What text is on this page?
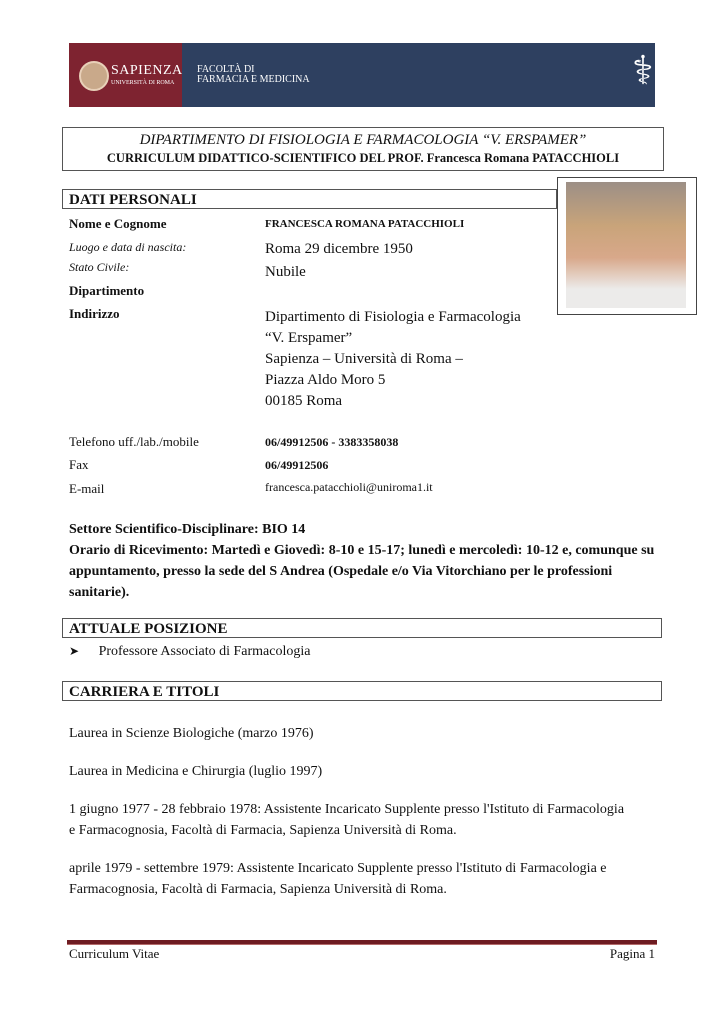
SAPIENZA
UNIVERSITÀ DI ROMA
FACOLTÀ DI
FARMACIA E MEDICINA	⚕
DIPARTIMENTO DI FISIOLOGIA E FARMACOLOGIA “V. ERSPAMER”
CURRICULUM DIDATTICO-SCIENTIFICO DEL PROF. Francesca Romana PATACCHIOLI
DATI PERSONALI
Nome e Cognome	FRANCESCA ROMANA PATACCHIOLI
Luogo e data di nascita:	Roma 29 dicembre 1950
Stato Civile:	Nubile
Dipartimento
Indirizzo	Dipartimento di Fisiologia e Farmacologia
“V. Erspamer”
Sapienza – Università di Roma –
Piazza Aldo Moro 5
00185 Roma
Telefono uff./lab./mobile	06/49912506 - 3383358038
Fax	06/49912506
E-mail	francesca.patacchioli@uniroma1.it
Settore Scientifico-Disciplinare: BIO 14
Orario di Ricevimento: Martedì e Giovedì: 8-10 e 15-17; lunedì e mercoledì: 10-12 e, comunque su appuntamento, presso la sede del S Andrea (Ospedale e/o Via Vitorchiano per le professioni sanitarie).
ATTUALE POSIZIONE
➤ Professore Associato di Farmacologia
CARRIERA E TITOLI
Laurea in Scienze Biologiche (marzo 1976)
Laurea in Medicina e Chirurgia (luglio 1997)
1 giugno 1977 - 28 febbraio 1978: Assistente Incaricato Supplente presso l'Istituto di Farmacologia e Farmacognosia, Facoltà di Farmacia, Sapienza Università di Roma.
aprile 1979 - settembre 1979: Assistente Incaricato Supplente presso l'Istituto di Farmacologia e Farmacognosia, Facoltà di Farmacia, Sapienza Università di Roma.
Curriculum Vitae	Pagina 1
